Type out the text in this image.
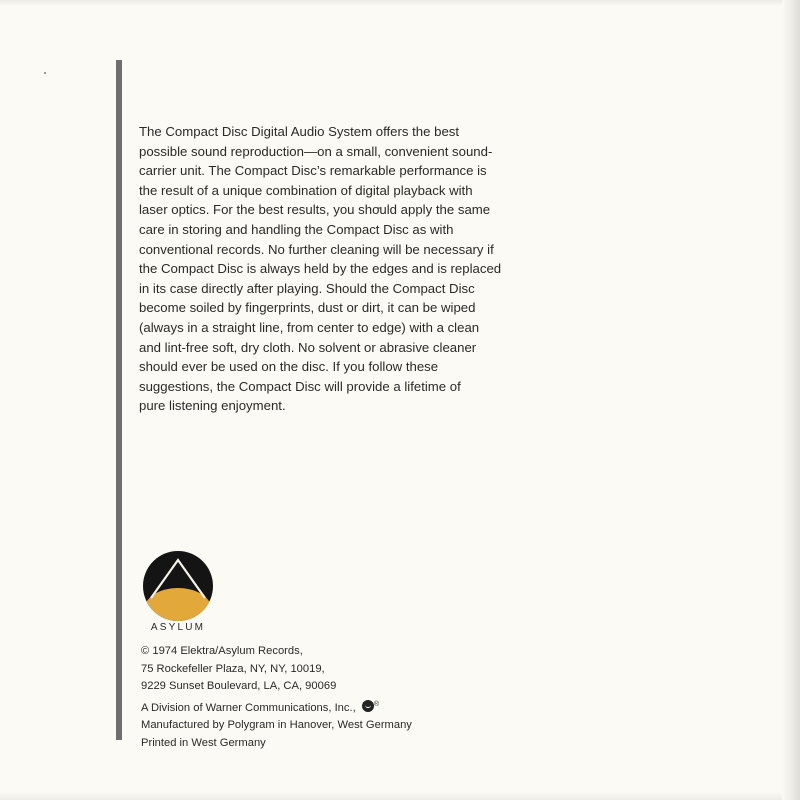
The Compact Disc Digital Audio System offers the best
possible sound reproduction—on a small, convenient sound-
carrier unit. The Compact Disc’s remarkable performance is
the result of a unique combination of digital playback with
laser optics. For the best results, you should apply the same
care in storing and handling the Compact Disc as with
conventional records. No further cleaning will be necessary if
the Compact Disc is always held by the edges and is replaced
in its case directly after playing. Should the Compact Disc
become soiled by fingerprints, dust or dirt, it can be wiped
(always in a straight line, from center to edge) with a clean
and lint-free soft, dry cloth. No solvent or abrasive cleaner
should ever be used on the disc. If you follow these
suggestions, the Compact Disc will provide a lifetime of
pure listening enjoyment.
ASYLUM
© 1974 Elektra/Asylum Records,
75 Rockefeller Plaza, NY, NY, 10019,
9229 Sunset Boulevard, LA, CA, 90069
A Division of Warner Communications, Inc.,	®
Manufactured by Polygram in Hanover, West Germany
Printed in West Germany
